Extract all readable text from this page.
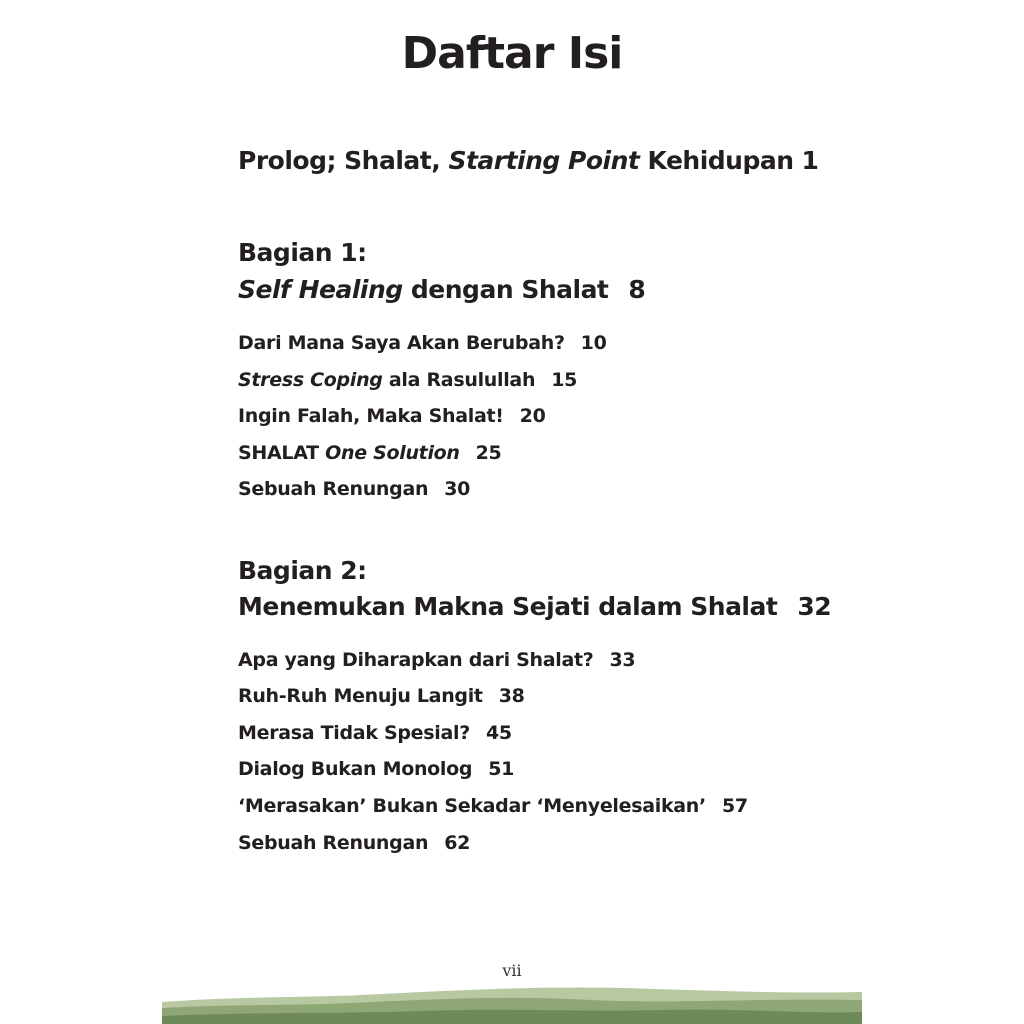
Daftar Isi
Prolog; Shalat, Starting Point Kehidupan 1
Bagian 1:
Self Healing dengan Shalat 8
Dari Mana Saya Akan Berubah? 10
Stress Coping ala Rasulullah 15
Ingin Falah, Maka Shalat! 20
SHALAT One Solution 25
Sebuah Renungan 30
Bagian 2:
Menemukan Makna Sejati dalam Shalat 32
Apa yang Diharapkan dari Shalat? 33
Ruh-Ruh Menuju Langit 38
Merasa Tidak Spesial? 45
Dialog Bukan Monolog 51
‘Merasakan’ Bukan Sekadar ‘Menyelesaikan’ 57
Sebuah Renungan 62
vii
